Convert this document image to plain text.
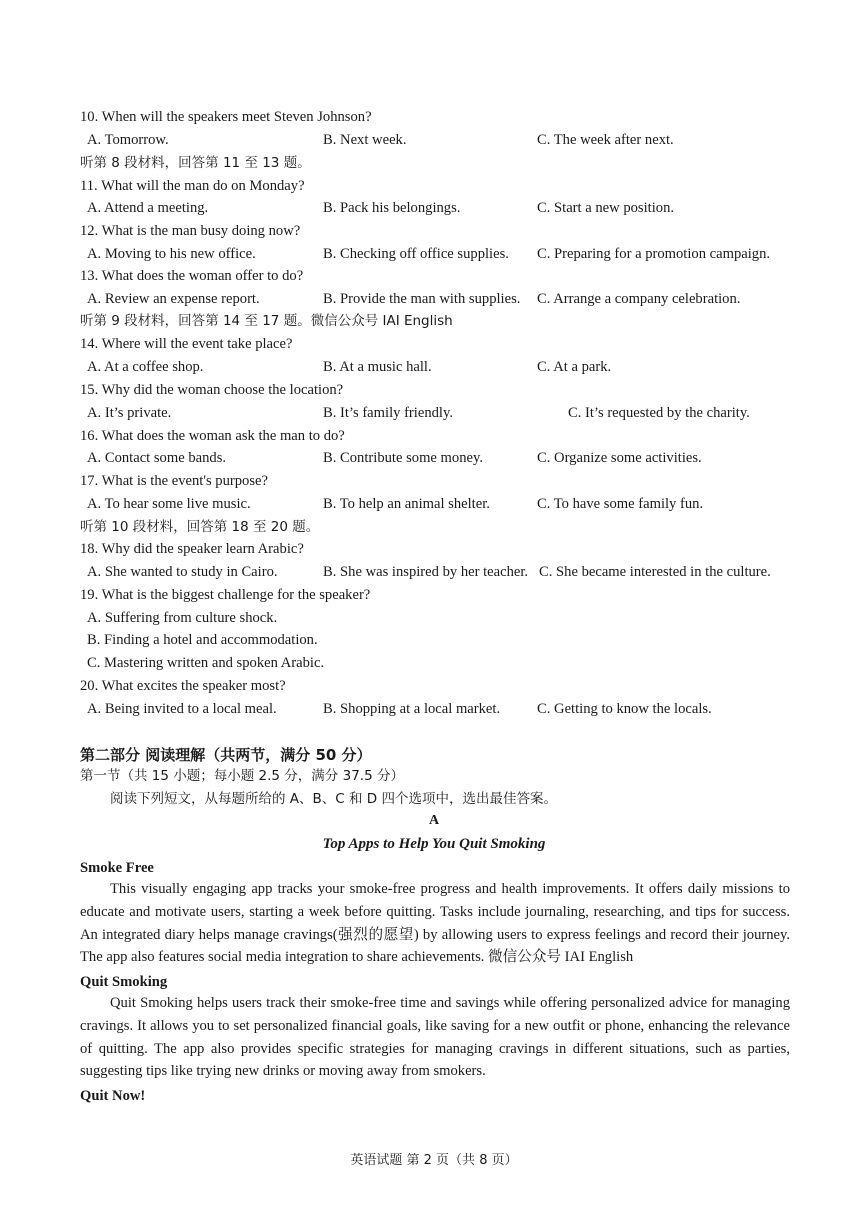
10. When will the speakers meet Steven Johnson?
A. Tomorrow.	B. Next week.	C. The week after next.
听第 8 段材料，回答第 11 至 13 题。
11. What will the man do on Monday?
A. Attend a meeting.	B. Pack his belongings.	C. Start a new position.
12. What is the man busy doing now?
A. Moving to his new office.	B. Checking off office supplies. C. Preparing for a promotion campaign.
13. What does the woman offer to do?
A. Review an expense report.	B. Provide the man with supplies. C. Arrange a company celebration.
听第 9 段材料，回答第 14 至 17 题。微信公众号 IAI English
14. Where will the event take place?
A. At a coffee shop.	B. At a music hall.	C. At a park.
15. Why did the woman choose the location?
A. It’s private.	B. It’s family friendly.	C. It’s requested by the charity.
16. What does the woman ask the man to do?
A. Contact some bands.	B. Contribute some money.	C. Organize some activities.
17. What is the event's purpose?
A. To hear some live music.	B. To help an animal shelter.	C. To have some family fun.
听第 10 段材料，回答第 18 至 20 题。
18. Why did the speaker learn Arabic?
A. She wanted to study in Cairo.	B. She was inspired by her teacher. C. She became interested in the culture.
19. What is the biggest challenge for the speaker?
A. Suffering from culture shock.
B. Finding a hotel and accommodation.
C. Mastering written and spoken Arabic.
20. What excites the speaker most?
A. Being invited to a local meal.	B. Shopping at a local market.	C. Getting to know the locals.
第二部分 阅读理解（共两节，满分 50 分）
第一节（共 15 小题；每小题 2.5 分，满分 37.5 分）
阅读下列短文，从每题所给的 A、B、C 和 D 四个选项中，选出最佳答案。
A
Top Apps to Help You Quit Smoking
Smoke Free
This visually engaging app tracks your smoke-free progress and health improvements. It offers daily missions to educate and motivate users, starting a week before quitting. Tasks include journaling, researching, and tips for success. An integrated diary helps manage cravings(强烈的愿望) by allowing users to express feelings and record their journey. The app also features social media integration to share achievements. 微信公众号 IAI English
Quit Smoking
Quit Smoking helps users track their smoke-free time and savings while offering personalized advice for managing cravings. It allows you to set personalized financial goals, like saving for a new outfit or phone, enhancing the relevance of quitting. The app also provides specific strategies for managing cravings in different situations, such as parties, suggesting tips like trying new drinks or moving away from smokers.
Quit Now!
英语试题 第 2 页（共 8 页）
